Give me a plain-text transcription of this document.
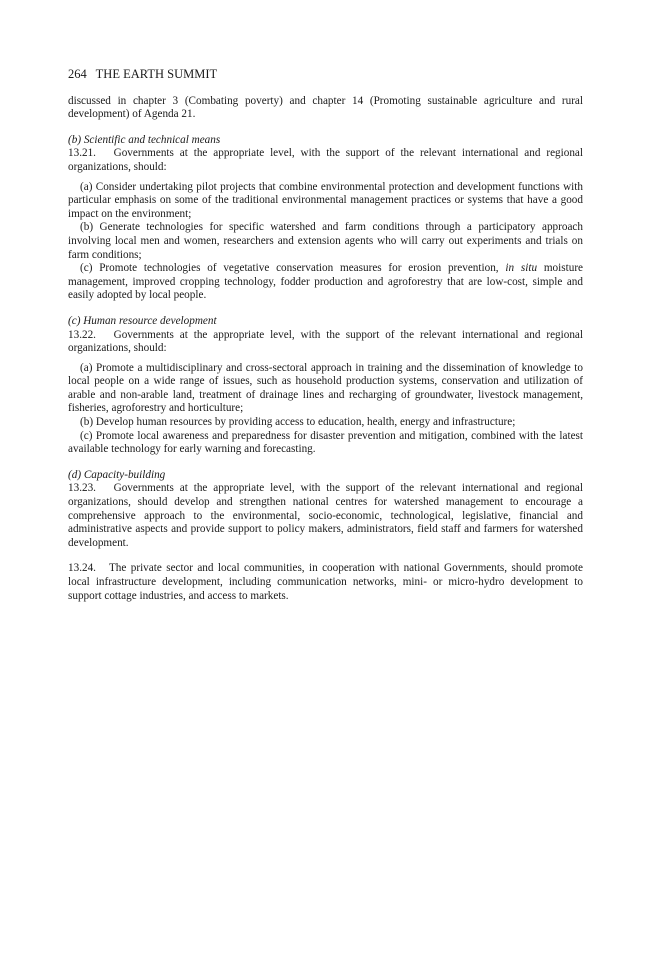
264 THE EARTH SUMMIT

discussed in chapter 3 (Combating poverty) and chapter 14 (Promoting sustainable agriculture and rural development) of Agenda 21.

(b) Scientific and technical means

13.21. Governments at the appropriate level, with the support of the relevant international and regional organizations, should:

(a) Consider undertaking pilot projects that combine environmental protection and development functions with particular emphasis on some of the traditional environmental management practices or systems that have a good impact on the environment;

(b) Generate technologies for specific watershed and farm conditions through a participatory approach involving local men and women, researchers and extension agents who will carry out experiments and trials on farm conditions;

(c) Promote technologies of vegetative conservation measures for erosion prevention, in situ moisture management, improved cropping technology, fodder production and agroforestry that are low-cost, simple and easily adopted by local people.

(c) Human resource development

13.22. Governments at the appropriate level, with the support of the relevant international and regional organizations, should:

(a) Promote a multidisciplinary and cross-sectoral approach in training and the dissemination of knowledge to local people on a wide range of issues, such as household production systems, conservation and utilization of arable and non-arable land, treatment of drainage lines and recharging of groundwater, livestock management, fisheries, agroforestry and horticulture;

(b) Develop human resources by providing access to education, health, energy and infrastructure;

(c) Promote local awareness and preparedness for disaster prevention and mitigation, combined with the latest available technology for early warning and forecasting.

(d) Capacity-building

13.23. Governments at the appropriate level, with the support of the relevant international and regional organizations, should develop and strengthen national centres for watershed management to encourage a comprehensive approach to the environmental, socio-economic, technological, legislative, financial and administrative aspects and provide support to policy makers, administrators, field staff and farmers for watershed development.

13.24. The private sector and local communities, in cooperation with national Governments, should promote local infrastructure development, including communication networks, mini- or micro-hydro development to support cottage industries, and access to markets.
